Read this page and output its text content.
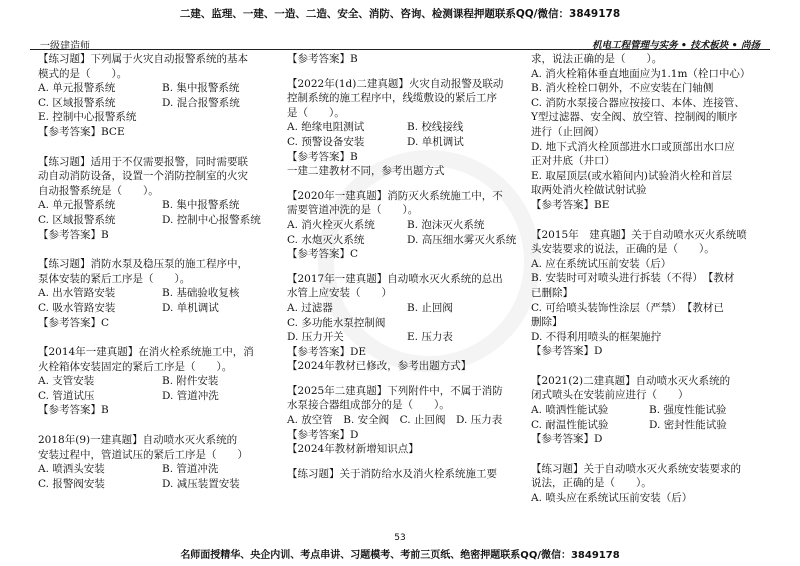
二建、监理、一建、一造、二造、安全、消防、咨询、检测课程押题联系QQ/微信：3849178
一级建造师	机电工程管理与实务 • 技术板块 • 尚扬

【练习题】下列属于火灾自动报警系统的基本

模式的是（　　）。

A. 单元报警系统	B. 集中报警系统

C. 区域报警系统	D. 混合报警系统

E. 控制中心报警系统

【参考答案】BCE

【练习题】适用于不仅需要报警，同时需要联

动自动消防设备，设置一个消防控制室的火灾

自动报警系统是（　　）。

A. 单元报警系统	B. 集中报警系统

C. 区域报警系统	D. 控制中心报警系统

【参考答案】B

【练习题】消防水泵及稳压泵的施工程序中，

泵体安装的紧后工序是（　　）。

A. 出水管路安装	B. 基础验收复核

C. 吸水管路安装	D. 单机调试

【参考答案】C

【2014年一建真题】在消火栓系统施工中，消

火栓箱体安装固定的紧后工序是（　　）。

A. 支管安装	B. 附件安装

C. 管道试压	D. 管道冲洗

【参考答案】B

2018年(9)一建真题】自动喷水灭火系统的

安装过程中，管道试压的紧后工序是（　　）

A. 喷洒头安装	B. 管道冲洗

C. 报警阀安装	D. 减压装置安装

【参考答案】B

【2022年(1d)二建真题】火灾自动报警及联动

控制系统的施工程序中，线缆敷设的紧后工序

是（　　）。

A. 绝缘电阻测试	B. 校线接线

C. 预警设备安装	D. 单机调试

【参考答案】B

一建二建教材不同，参考出题方式

【2020年一建真题】消防灭火系统施工中，不

需要管道冲洗的是（　　）。

A. 消火栓灭火系统	B. 泡沫灭火系统

C. 水炮灭火系统	D. 高压细水雾灭火系统

【参考答案】C

【2017年一建真题】自动喷水灭火系统的总出

水管上应安装（　　）

A. 过滤器	B. 止回阀

C. 多功能水泵控制阀

D. 压力开关	E. 压力表

【参考答案】DE

【2024年教材已修改，参考出题方式】

【2025年二建真题】下列附件中，不属于消防

水泵接合器组成部分的是（　　）。

A. 放空管　B. 安全阀　C. 止回阀　D. 压力表

【参考答案】D

【2024年教材新增知识点】

【练习题】关于消防给水及消火栓系统施工要

求，说法正确的是（　　）。

A. 消火栓箱体垂直地面应为1.1m（栓口中心）

B. 消火栓栓口朝外，不应安装在门轴侧

C. 消防水泵接合器应按接口、本体、连接管、

Y型过滤器、安全阀、放空管、控制阀的顺序

进行（止回阀）

D. 地下式消火栓顶部进水口或顶部出水口应

正对井底（井口）

E. 取屋顶层(或水箱间内)试验消火栓和首层

取两处消火栓做试射试验

【参考答案】BE

【2015年　建真题】关于自动喷水灭火系统喷

头安装要求的说法，正确的是（　　）。

A. 应在系统试压前安装（后）

B. 安装时可对喷头进行拆装（不得）　【教材

已删除】

C. 可给喷头装饰性涂层（严禁）　【教材已

删除】

D. 不得利用喷头的框架施拧

【参考答案】D

【2021(2)二建真题】自动喷水灭火系统的

闭式喷头在安装前应进行（　　）

A. 喷洒性能试验	B. 强度性能试验

C. 耐温性能试验	D. 密封性能试验

【参考答案】D

【练习题】关于自动喷水灭火系统安装要求的

说法，正确的是（　　）。

A. 喷头应在系统试压前安装（后）

53
名师面授精华、央企内训、考点串讲、习题模考、考前三页纸、绝密押题联系QQ/微信：3849178
